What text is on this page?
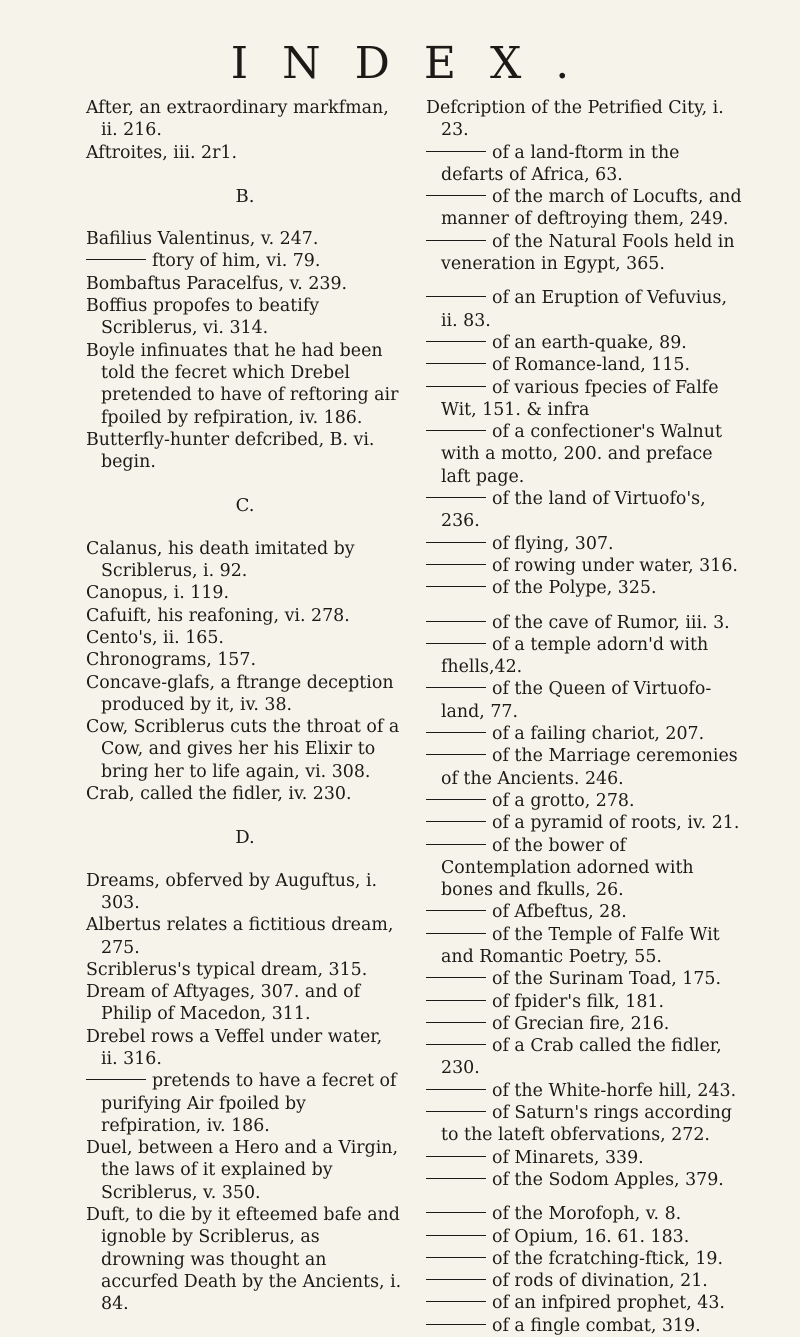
INDEX.

After, an extraordinary markfman, ii. 216.

Aftroites, iii. 2r1.

B.

Bafilius Valentinus, v. 247.

ftory of him, vi. 79.

Bombaftus Paracelfus, v. 239.

Boffius propofes to beatify Scriblerus, vi. 314.

Boyle infinuates that he had been told the fecret which Drebel pretended to have of reftoring air fpoiled by refpiration, iv. 186.

Butterfly-hunter defcribed, B. vi. begin.

C.

Calanus, his death imitated by Scriblerus, i. 92.

Canopus, i. 119.

Cafuift, his reafoning, vi. 278.

Cento's, ii. 165.

Chronograms, 157.

Concave-glafs, a ftrange deception produced by it, iv. 38.

Cow, Scriblerus cuts the throat of a Cow, and gives her his Elixir to bring her to life again, vi. 308.

Crab, called the fidler, iv. 230.

D.

Dreams, obferved by Auguftus, i. 303.

Albertus relates a fictitious dream, 275.

Scriblerus's typical dream, 315.

Dream of Aftyages, 307. and of Philip of Macedon, 311.

Drebel rows a Veffel under water, ii. 316.

pretends to have a fecret of purifying Air fpoiled by refpiration, iv. 186.

Duel, between a Hero and a Virgin, the laws of it explained by Scriblerus, v. 350.

Duft, to die by it efteemed bafe and ignoble by Scriblerus, as drowning was thought an accurfed Death by the Ancients, i. 84.

Defcription of the Petrified City, i. 23.

of a land-ftorm in the defarts of Africa, 63.

of the march of Locufts, and manner of deftroying them, 249.

of the Natural Fools held in veneration in Egypt, 365.

of an Eruption of Vefuvius, ii. 83.

of an earth-quake, 89.

of Romance-land, 115.

of various fpecies of Falfe Wit, 151. & infra

of a confectioner's Walnut with a motto, 200. and preface laft page.

of the land of Virtuofo's, 236.

of flying, 307.

of rowing under water, 316.

of the Polype, 325.

of the cave of Rumor, iii. 3.

of a temple adorn'd with fhells,42.

of the Queen of Virtuofo-land, 77.

of a failing chariot, 207.

of the Marriage ceremonies of the Ancients. 246.

of a grotto, 278.

of a pyramid of roots, iv. 21.

of the bower of Contemplation adorned with bones and fkulls, 26.

of Afbeftus, 28.

of the Temple of Falfe Wit and Romantic Poetry, 55.

of the Surinam Toad, 175.

of fpider's filk, 181.

of Grecian fire, 216.

of a Crab called the fidler, 230.

of the White-horfe hill, 243.

of Saturn's rings according to the lateft obfervations, 272.

of Minarets, 339.

of the Sodom Apples, 379.

of the Morofoph, v. 8.

of Opium, 16. 61. 183.

of the fcratching-ftick, 19.

of rods of divination, 21.

of an infpired prophet, 43.

of a fingle combat, 319.
